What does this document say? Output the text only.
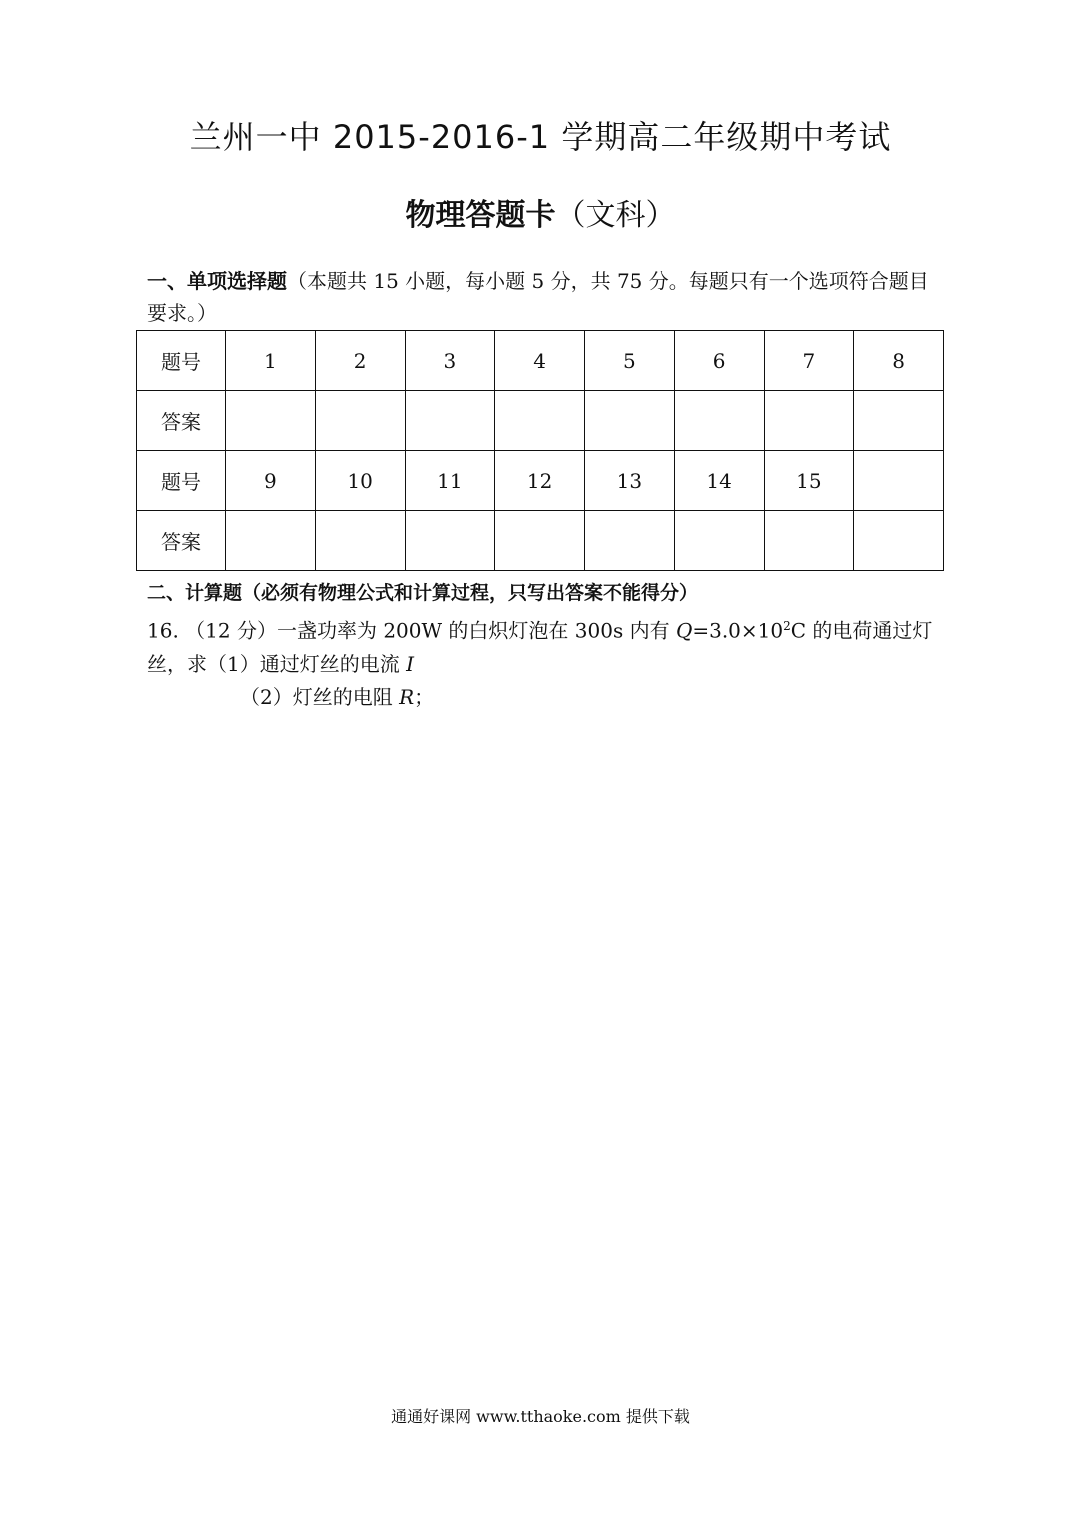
兰州一中 2015-2016-1 学期高二年级期中考试
物理答题卡（文科）
一、单项选择题（本题共 15 小题，每小题 5 分，共 75 分。每题只有一个选项符合题目要求。）
题号	1	2	3	4	5	6	7	8
答案								
题号	9	10	11	12	13	14	15	
答案								
二、计算题（必须有物理公式和计算过程，只写出答案不能得分）
16. （12 分）一盏功率为 200W 的白炽灯泡在 300s 内有 $Q=3.0\times 10^2C$ 的电荷通过灯丝，求（1）通过灯丝的电流 I
（2）灯丝的电阻 R；
通通好课网 www.tthaoke.com 提供下载
